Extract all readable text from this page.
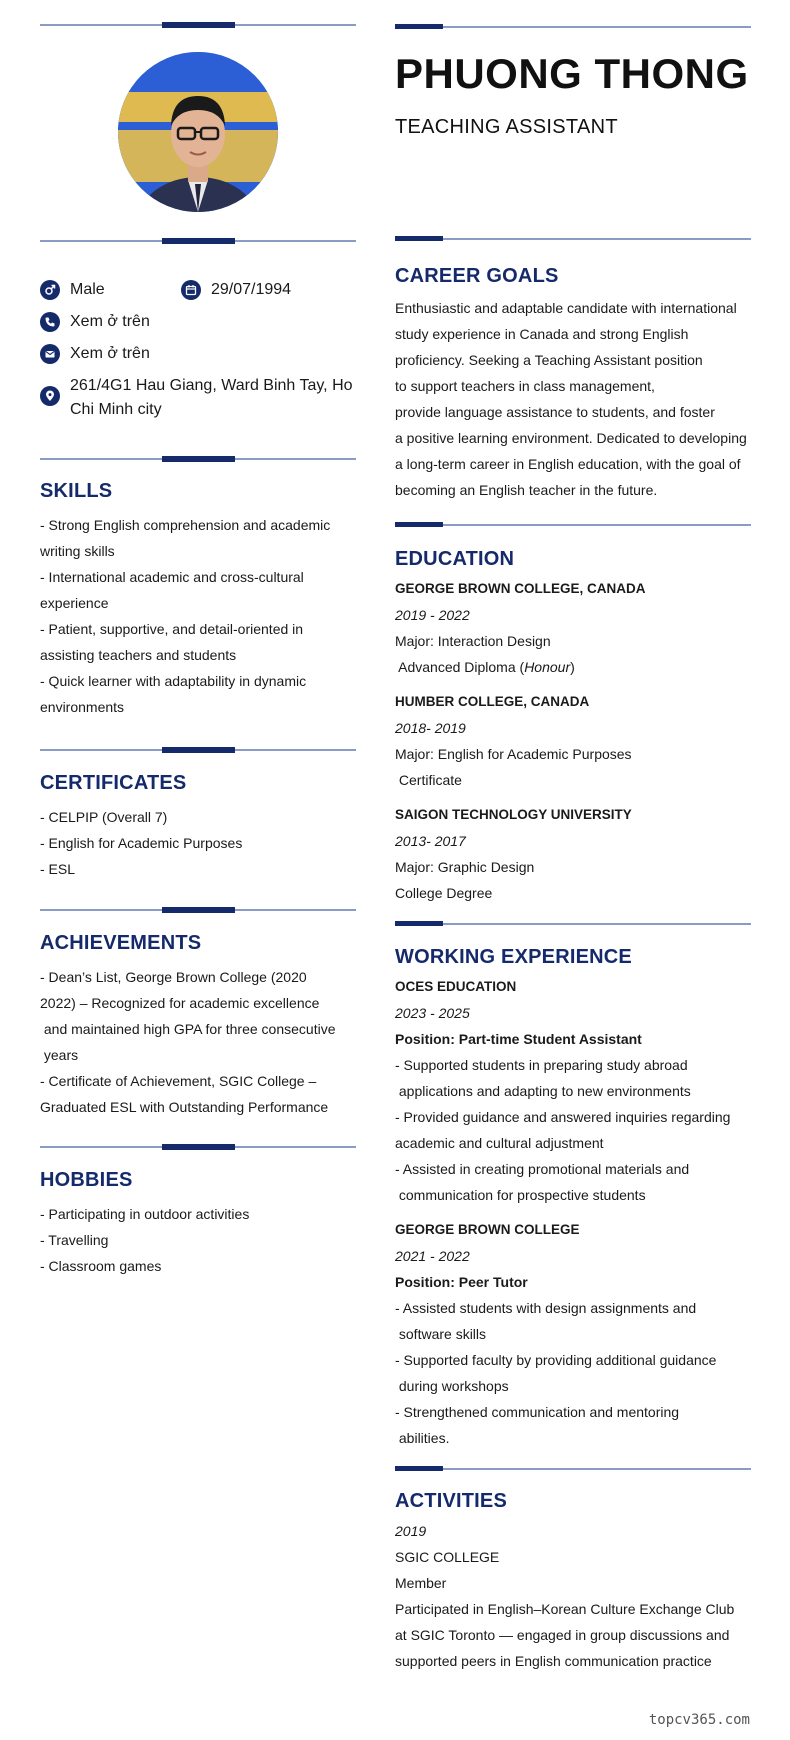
Male	29/07/1994
Xem ở trên
Xem ở trên
261/4G1 Hau Giang, Ward Binh Tay, Ho
Chi Minh city
SKILLS
- Strong English comprehension and academic
writing skills
- International academic and cross-cultural
experience
- Patient, supportive, and detail-oriented in
assisting teachers and students
- Quick learner with adaptability in dynamic
environments
CERTIFICATES
- CELPIP (Overall 7)
- English for Academic Purposes
- ESL
ACHIEVEMENTS
- Dean’s List, George Brown College (2020
2022) – Recognized for academic excellence
and maintained high GPA for three consecutive
years
- Certificate of Achievement, SGIC College –
Graduated ESL with Outstanding Performance
HOBBIES
- Participating in outdoor activities
- Travelling
- Classroom games
PHUONG THONG
TEACHING ASSISTANT
CAREER GOALS
Enthusiastic and adaptable candidate with international
study experience in Canada and strong English
proficiency. Seeking a Teaching Assistant position
to support teachers in class management,
provide language assistance to students, and foster
a positive learning environment. Dedicated to developing
a long-term career in English education, with the goal of
becoming an English teacher in the future.
EDUCATION
GEORGE BROWN COLLEGE, CANADA
2019 - 2022
Major: Interaction Design
Advanced Diploma (Honour)
HUMBER COLLEGE, CANADA
2018- 2019
Major: English for Academic Purposes
Certificate
SAIGON TECHNOLOGY UNIVERSITY
2013- 2017
Major: Graphic Design
College Degree
WORKING EXPERIENCE
OCES EDUCATION
2023 - 2025
Position: Part-time Student Assistant
- Supported students in preparing study abroad
applications and adapting to new environments
- Provided guidance and answered inquiries regarding
academic and cultural adjustment
- Assisted in creating promotional materials and
communication for prospective students
GEORGE BROWN COLLEGE
2021 - 2022
Position: Peer Tutor
- Assisted students with design assignments and
software skills
- Supported faculty by providing additional guidance
during workshops
- Strengthened communication and mentoring
abilities.
ACTIVITIES
2019
SGIC COLLEGE
Member
Participated in English–Korean Culture Exchange Club
at SGIC Toronto — engaged in group discussions and
supported peers in English communication practice
topcv365.com
